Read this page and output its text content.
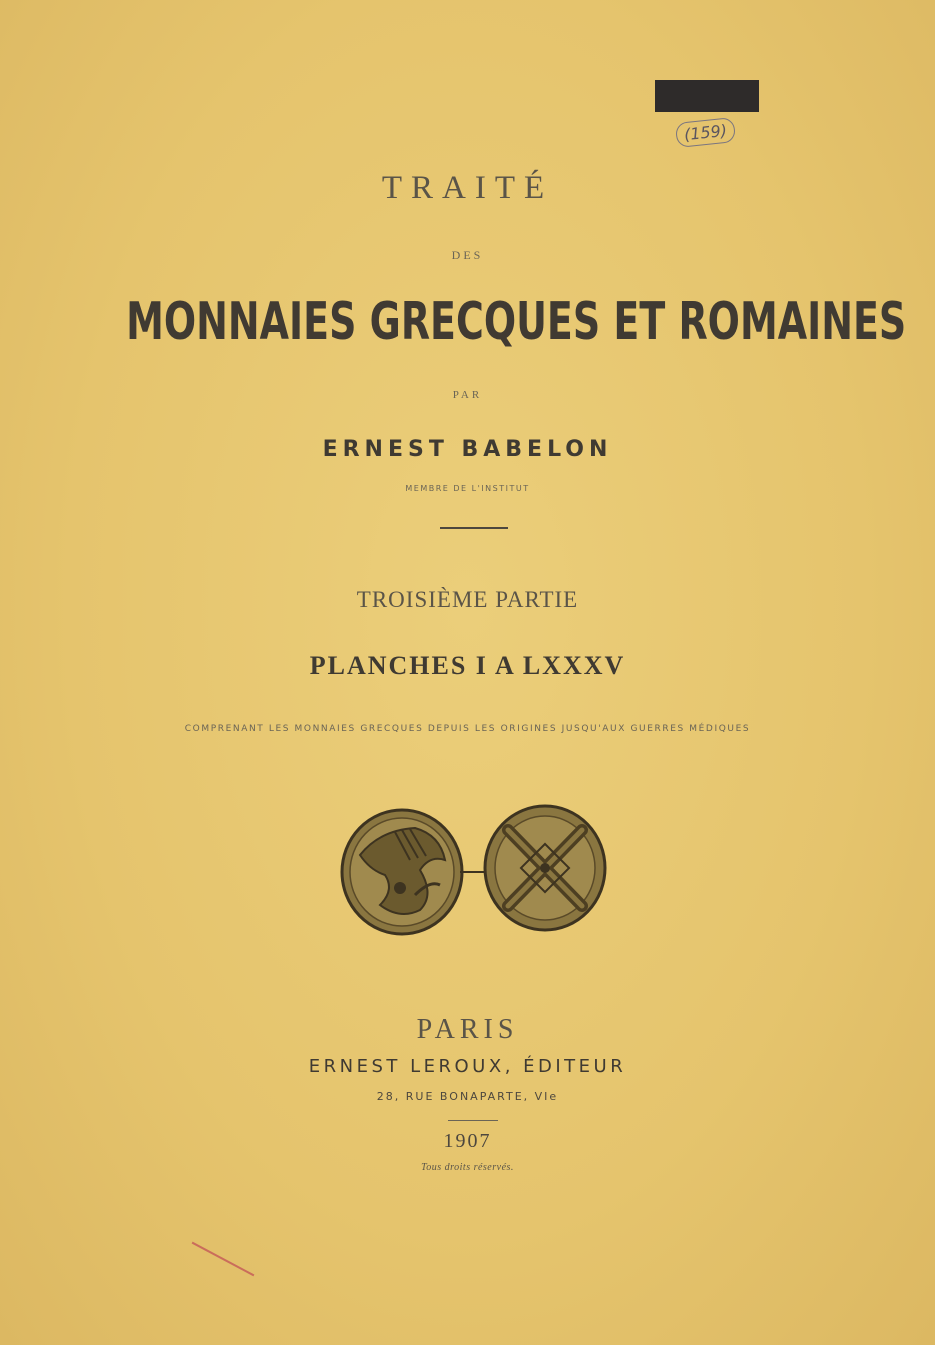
(159)
TRAITÉ
DES
MONNAIES GRECQUES ET ROMAINES
PAR
ERNEST BABELON
MEMBRE DE L'INSTITUT
TROISIÈME PARTIE
PLANCHES I A LXXXV
COMPRENANT LES MONNAIES GRECQUES DEPUIS LES ORIGINES JUSQU'AUX GUERRES MÉDIQUES
PARIS
ERNEST LEROUX, ÉDITEUR
28, RUE BONAPARTE, VIe
1907
Tous droits réservés.
